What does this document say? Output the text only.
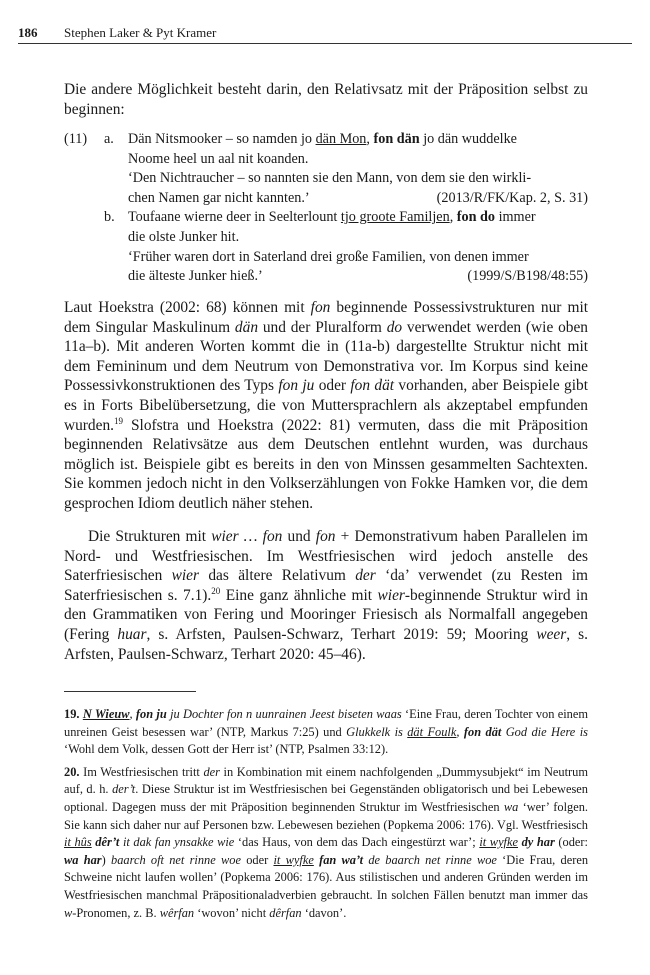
186 Stephen Laker & Pyt Kramer

Die andere Möglichkeit besteht darin, den Relativsatz mit der Präposition selbst zu beginnen:

(11) a. Dän Nitsmooker – so namden jo dän Mon, fon dän jo dän wuddelke
Noome heel un aal nit koanden.
‘Den Nichtraucher – so nannten sie den Mann, von dem sie den wirkli-
chen Namen gar nicht kannten.’	(2013/R/FK/Kap. 2, S. 31)
b. Toufaane wierne deer in Seelterlount tjo groote Familjen, fon do immer
die olste Junker hit.
‘Früher waren dort in Saterland drei große Familien, von denen immer
die älteste Junker hieß.’	(1999/S/B198/48:55)

Laut Hoekstra (2002: 68) können mit fon beginnende Possessivstrukturen nur mit dem Singular Maskulinum dän und der Pluralform do verwendet werden (wie oben 11a–b). Mit anderen Worten kommt die in (11a-b) dargestellte Struktur nicht mit dem Femininum und dem Neutrum von Demonstrativa vor. Im Korpus sind keine Possessivkonstruktionen des Typs fon ju oder fon dät vorhanden, aber Beispiele gibt es in Forts Bibelübersetzung, die von Muttersprachlern als akzeptabel empfunden wurden.$^{19}$ Slofstra und Hoekstra (2022: 81) vermuten, dass die mit Präposition beginnenden Relativsätze aus dem Deutschen entlehnt wurden, was durchaus möglich ist. Beispiele gibt es bereits in den von Minssen gesammelten Sachtexten. Sie kommen jedoch nicht in den Volkserzählungen von Fokke Hamken vor, die dem gesprochen Idiom deutlich näher stehen.

Die Strukturen mit wier … fon und fon + Demonstrativum haben Parallelen im Nord- und Westfriesischen. Im Westfriesischen wird jedoch anstelle des Saterfriesischen wier das ältere Relativum der ‘da’ verwendet (zu Resten im Saterfriesischen s. 7.1).$^{20}$ Eine ganz ähnliche mit wier-beginnende Struktur wird in den Grammatiken von Fering und Mooringer Friesisch als Normalfall angegeben (Fering huar, s. Arfsten, Paulsen-Schwarz, Terhart 2019: 59; Mooring weer, s. Arfsten, Paulsen-Schwarz, Terhart 2020: 45–46).

19. N Wieuw, fon ju ju Dochter fon n uunrainen Jeest biseten waas ‘Eine Frau, deren Tochter von einem unreinen Geist besessen war’ (NTP, Markus 7:25) und Glukkelk is dät Foulk, fon dät God die Here is ‘Wohl dem Volk, dessen Gott der Herr ist’ (NTP, Psalmen 33:12).

20. Im Westfriesischen tritt der in Kombination mit einem nachfolgenden „Dummysubjekt“ im Neutrum auf, d. h. der’t. Diese Struktur ist im Westfriesischen bei Gegenständen obligatorisch und bei Lebewesen optional. Dagegen muss der mit Präposition beginnenden Struktur im Westfriesischen wa ‘wer’ folgen. Sie kann sich daher nur auf Personen bzw. Lebewesen beziehen (Popkema 2006: 176). Vgl. Westfriesisch it hûs dêr’t it dak fan ynsakke wie ‘das Haus, von dem das Dach eingestürzt war’; it wyfke dy har (oder: wa har) baarch oft net rinne woe oder it wyfke fan wa’t de baarch net rinne woe ‘Die Frau, deren Schweine nicht laufen wollen’ (Popkema 2006: 176). Aus stilistischen und anderen Gründen werden im Westfriesischen manchmal Präpositionaladverbien gebraucht. In solchen Fällen benutzt man immer das w-Pronomen, z. B. wêrfan ‘wovon’ nicht dêrfan ‘davon’.
